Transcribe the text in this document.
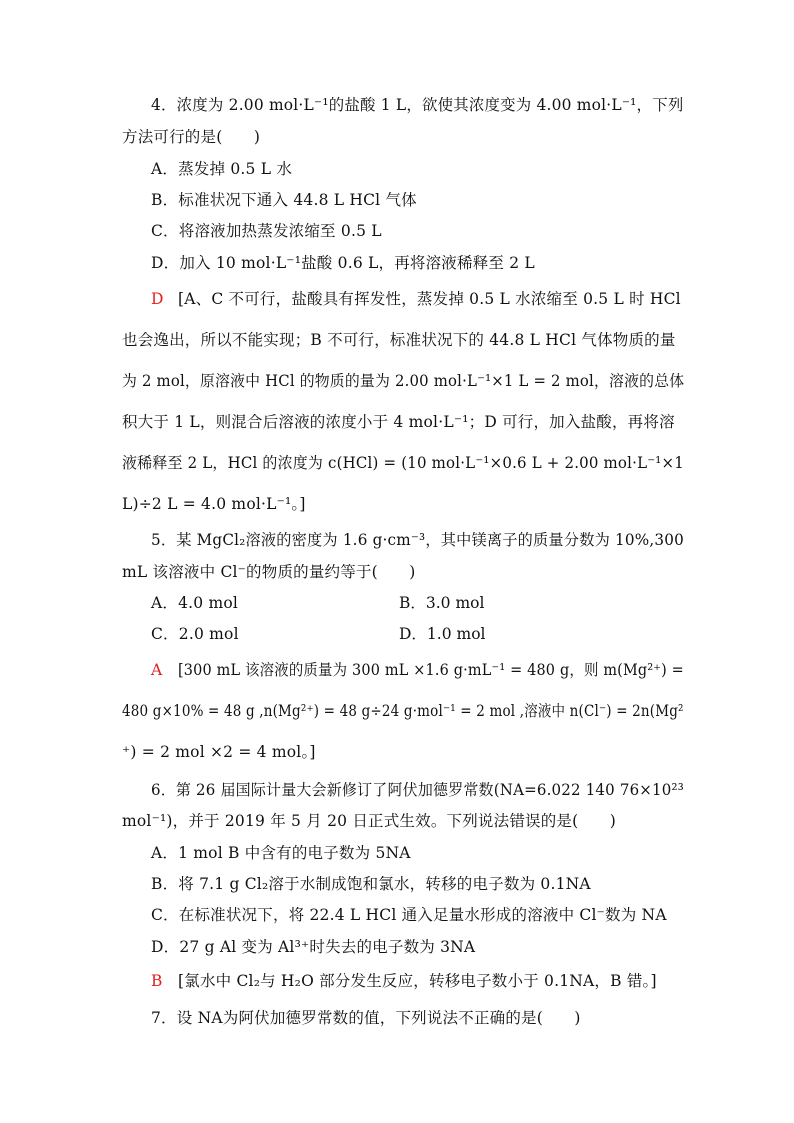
4．浓度为 2.00 mol·L⁻¹的盐酸 1 L，欲使其浓度变为 4.00 mol·L⁻¹，下列
方法可行的是(　　)
A．蒸发掉 0.5 L 水
B．标准状况下通入 44.8 L HCl 气体
C．将溶液加热蒸发浓缩至 0.5 L
D．加入 10 mol·L⁻¹盐酸 0.6 L，再将溶液稀释至 2 L
D [A、C 不可行，盐酸具有挥发性，蒸发掉 0.5 L 水浓缩至 0.5 L 时 HCl
也会逸出，所以不能实现；B 不可行，标准状况下的 44.8 L HCl 气体物质的量
为 2 mol，原溶液中 HCl 的物质的量为 2.00 mol·L⁻¹×1 L = 2 mol，溶液的总体
积大于 1 L，则混合后溶液的浓度小于 4 mol·L⁻¹；D 可行，加入盐酸，再将溶
液稀释至 2 L，HCl 的浓度为 c(HCl) = (10 mol·L⁻¹×0.6 L + 2.00 mol·L⁻¹×1
L)÷2 L = 4.0 mol·L⁻¹。]
5．某 MgCl₂溶液的密度为 1.6 g·cm⁻³，其中镁离子的质量分数为 10%,300
mL 该溶液中 Cl⁻的物质的量约等于(　　)
A．4.0 mol	B．3.0 mol
C．2.0 mol	D．1.0 mol
A [300 mL 该溶液的质量为 300 mL ×1.6 g·mL⁻¹ = 480 g，则 m(Mg²⁺) =
480 g×10% = 48 g ,n(Mg²⁺) = 48 g÷24 g·mol⁻¹ = 2 mol ,溶液中 n(Cl⁻) = 2n(Mg²
⁺) = 2 mol ×2 = 4 mol。]
6．第 26 届国际计量大会新修订了阿伏加德罗常数(NA=6.022 140 76×10²³
mol⁻¹)，并于 2019 年 5 月 20 日正式生效。下列说法错误的是(　　)
A．1 mol B 中含有的电子数为 5NA
B．将 7.1 g Cl₂溶于水制成饱和氯水，转移的电子数为 0.1NA
C．在标准状况下，将 22.4 L HCl 通入足量水形成的溶液中 Cl⁻数为 NA
D．27 g Al 变为 Al³⁺时失去的电子数为 3NA
B [氯水中 Cl₂与 H₂O 部分发生反应，转移电子数小于 0.1NA，B 错。]
7．设 NA为阿伏加德罗常数的值，下列说法不正确的是(　　)
